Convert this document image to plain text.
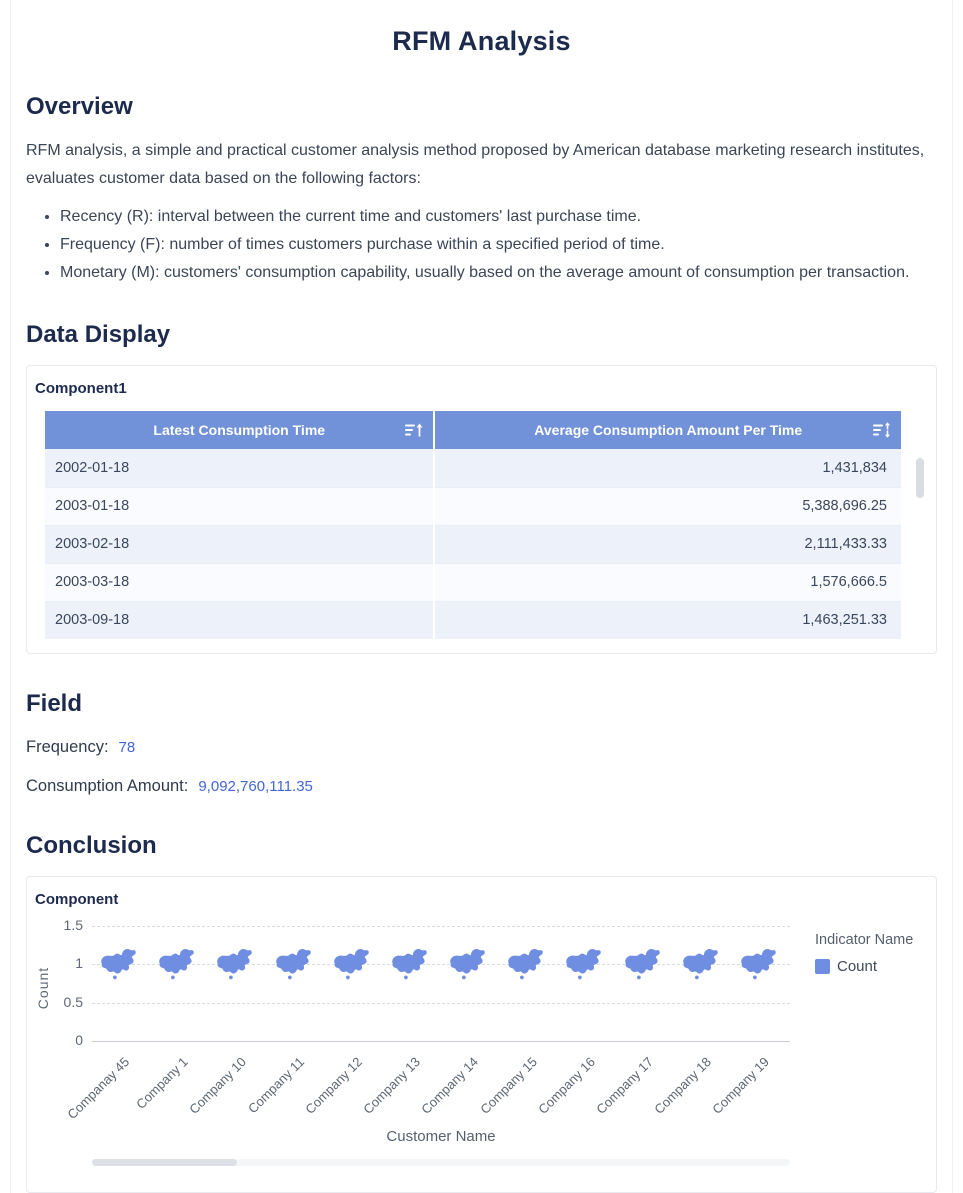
RFM Analysis
Overview

RFM analysis, a simple and practical customer analysis method proposed by American database marketing research institutes, evaluates customer data based on the following factors:

• Recency (R): interval between the current time and customers' last purchase time.
• Frequency (F): number of times customers purchase within a specified period of time.
• Monetary (M): customers' consumption capability, usually based on the average amount of consumption per transaction.
Data Display
Component1
Latest Consumption Time	Average Consumption Amount Per Time

2002-01-18	1,431,834
2003-01-18	5,388,696.25
2003-02-18	2,111,433.33
2003-03-18	1,576,666.5
2003-09-18	1,463,251.33
Field
Frequency: 78
Consumption Amount: 9,092,760,111.35
Conclusion
Component
0
0.5
1
1.5
Count
Companay 45 Company 1
Company 10
Company 11
Company 12
Company 13
Company 14
Company 15
Company 16
Company 17
Company 18
Company 19
Customer Name
Indicator Name
Count
